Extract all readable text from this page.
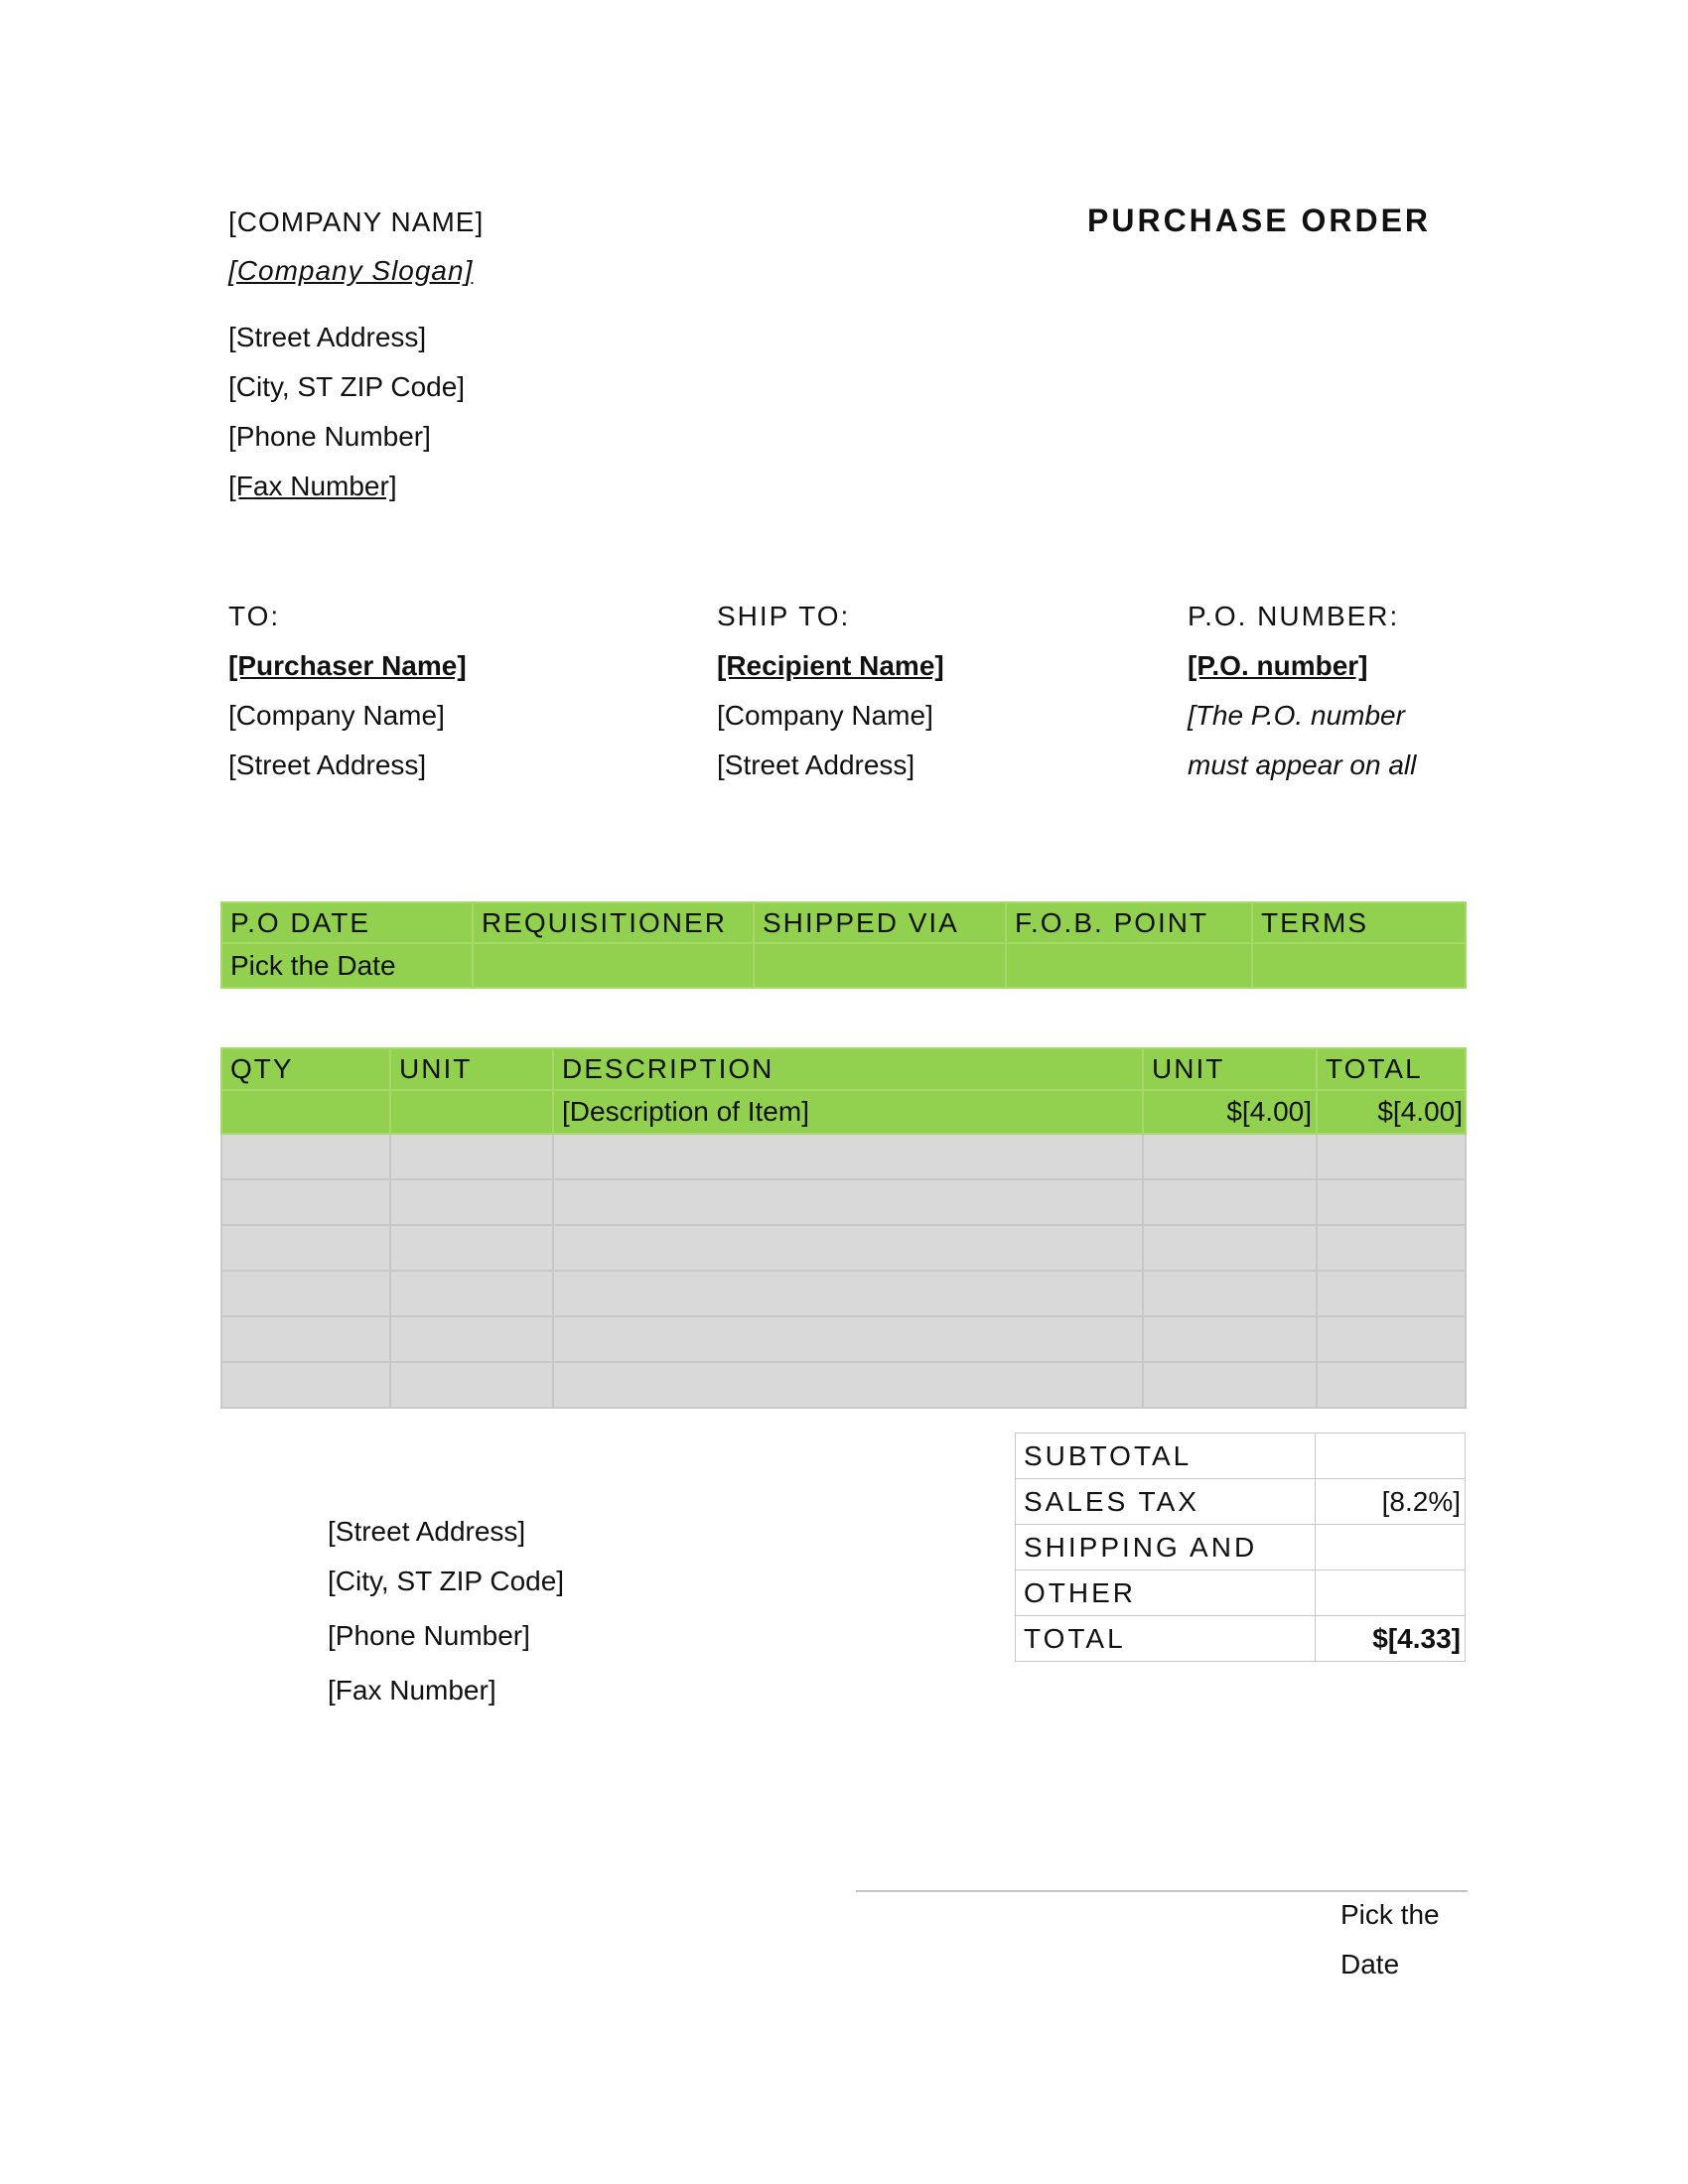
[COMPANY NAME]
[Company Slogan]
[Street Address]
[City, ST ZIP Code]
[Phone Number]
[Fax Number]
PURCHASE ORDER
TO:
[Purchaser Name]
[Company Name]
[Street Address]
SHIP TO:
[Recipient Name]
[Company Name]
[Street Address]
P.O. NUMBER:
[P.O. number]
[The P.O. number
must appear on all
P.O DATE	REQUISITIONER	SHIPPED VIA	F.O.B. POINT	TERMS
Pick the Date				
QTY	UNIT	DESCRIPTION	UNIT	TOTAL
		[Description of Item]	$[4.00]	$[4.00]

SUBTOTAL	
SALES TAX	[8.2%]
SHIPPING AND	
OTHER	
TOTAL	$[4.33]
[Street Address]
[City, ST ZIP Code]
[Phone Number]
[Fax Number]
Pick the
Date
